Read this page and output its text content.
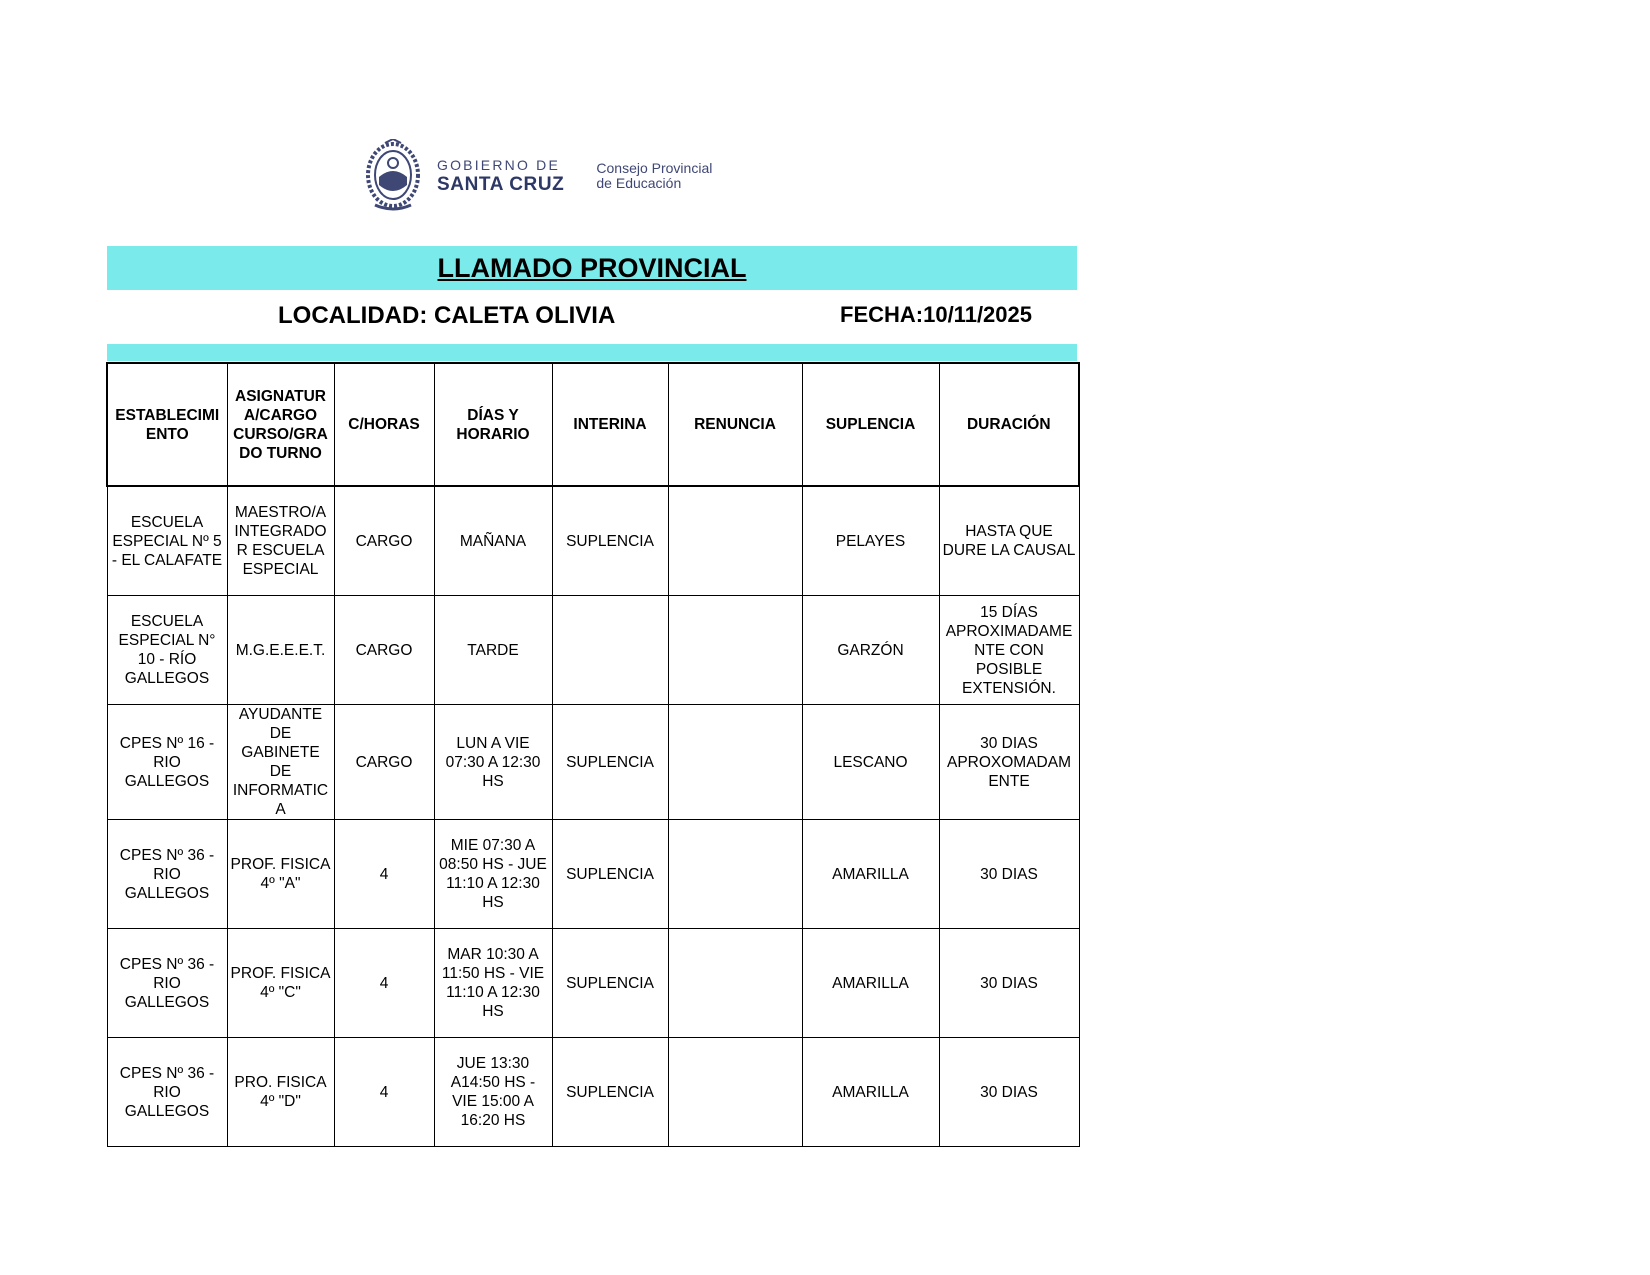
GOBIERNO DE
SANTA CRUZ
Consejo Provincial
de Educación
LLAMADO PROVINCIAL
LOCALIDAD: CALETA OLIVIA	FECHA:10/11/2025
ESTABLECIMI ENTO	ASIGNATUR A/CARGO CURSO/GRA DO TURNO	C/HORAS	DÍAS Y HORARIO	INTERINA	RENUNCIA	SUPLENCIA	DURACIÓN
ESCUELA ESPECIAL Nº 5 - EL CALAFATE	MAESTRO/A INTEGRADO R ESCUELA ESPECIAL	CARGO	MAÑANA	SUPLENCIA		PELAYES	HASTA QUE DURE LA CAUSAL
ESCUELA ESPECIAL N° 10 - RÍO GALLEGOS	M.G.E.E.E.T.	CARGO	TARDE			GARZÓN	15 DÍAS APROXIMADAME NTE CON POSIBLE EXTENSIÓN.
CPES Nº 16 - RIO GALLEGOS	AYUDANTE DE GABINETE DE INFORMATIC A	CARGO	LUN A VIE 07:30 A 12:30 HS	SUPLENCIA		LESCANO	30 DIAS APROXOMADAM ENTE
CPES Nº 36 - RIO GALLEGOS	PROF. FISICA 4º "A"	4	MIE 07:30 A 08:50 HS - JUE 11:10 A 12:30 HS	SUPLENCIA		AMARILLA	30 DIAS
CPES Nº 36 - RIO GALLEGOS	PROF. FISICA 4º "C"	4	MAR 10:30 A 11:50 HS - VIE 11:10 A 12:30 HS	SUPLENCIA		AMARILLA	30 DIAS
CPES Nº 36 - RIO GALLEGOS	PRO. FISICA 4º "D"	4	JUE 13:30 A14:50 HS - VIE 15:00 A 16:20 HS	SUPLENCIA		AMARILLA	30 DIAS
